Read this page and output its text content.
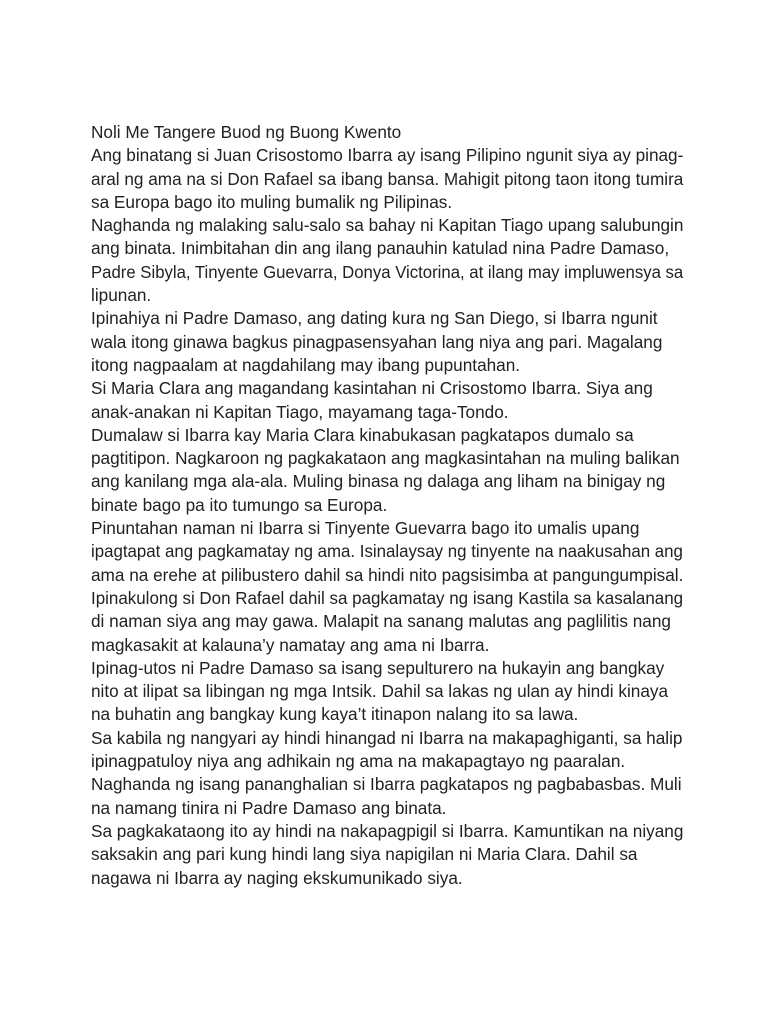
Noli Me Tangere Buod ng Buong Kwento
Ang binatang si Juan Crisostomo Ibarra ay isang Pilipino ngunit siya ay pinag-
aral ng ama na si Don Rafael sa ibang bansa. Mahigit pitong taon itong tumira
sa Europa bago ito muling bumalik ng Pilipinas.
Naghanda ng malaking salu-salo sa bahay ni Kapitan Tiago upang salubungin
ang binata. Inimbitahan din ang ilang panauhin katulad nina Padre Damaso,
Padre Sibyla, Tinyente Guevarra, Donya Victorina, at ilang may impluwensya sa
lipunan.
Ipinahiya ni Padre Damaso, ang dating kura ng San Diego, si Ibarra ngunit
wala itong ginawa bagkus pinagpasensyahan lang niya ang pari. Magalang
itong nagpaalam at nagdahilang may ibang pupuntahan.
Si Maria Clara ang magandang kasintahan ni Crisostomo Ibarra. Siya ang
anak-anakan ni Kapitan Tiago, mayamang taga-Tondo.
Dumalaw si Ibarra kay Maria Clara kinabukasan pagkatapos dumalo sa
pagtitipon. Nagkaroon ng pagkakataon ang magkasintahan na muling balikan
ang kanilang mga ala-ala. Muling binasa ng dalaga ang liham na binigay ng
binate bago pa ito tumungo sa Europa.
Pinuntahan naman ni Ibarra si Tinyente Guevarra bago ito umalis upang
ipagtapat ang pagkamatay ng ama. Isinalaysay ng tinyente na naakusahan ang
ama na erehe at pilibustero dahil sa hindi nito pagsisimba at pangungumpisal.
Ipinakulong si Don Rafael dahil sa pagkamatay ng isang Kastila sa kasalanang
di naman siya ang may gawa. Malapit na sanang malutas ang paglilitis nang
magkasakit at kalauna’y namatay ang ama ni Ibarra.
Ipinag-utos ni Padre Damaso sa isang sepulturero na hukayin ang bangkay
nito at ilipat sa libingan ng mga Intsik. Dahil sa lakas ng ulan ay hindi kinaya
na buhatin ang bangkay kung kaya’t itinapon nalang ito sa lawa.
Sa kabila ng nangyari ay hindi hinangad ni Ibarra na makapaghiganti, sa halip
ipinagpatuloy niya ang adhikain ng ama na makapagtayo ng paaralan.
Naghanda ng isang pananghalian si Ibarra pagkatapos ng pagbabasbas. Muli
na namang tinira ni Padre Damaso ang binata.
Sa pagkakataong ito ay hindi na nakapagpigil si Ibarra. Kamuntikan na niyang
saksakin ang pari kung hindi lang siya napigilan ni Maria Clara. Dahil sa
nagawa ni Ibarra ay naging ekskumunikado siya.
